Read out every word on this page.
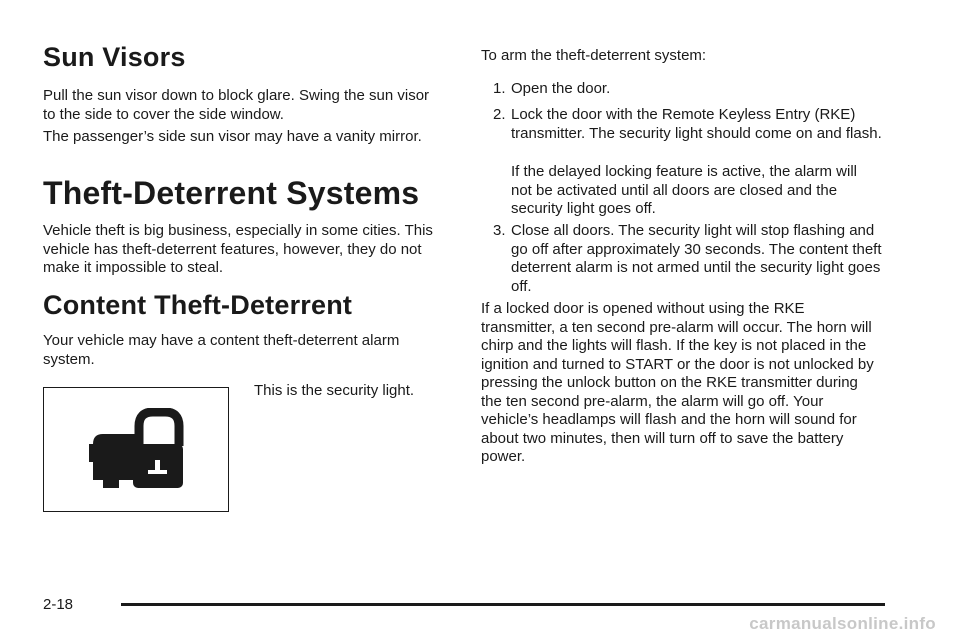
Sun Visors

Pull the sun visor down to block glare. Swing the sun visor to the side to cover the side window.

The passenger’s side sun visor may have a vanity mirror.

Theft-Deterrent Systems

Vehicle theft is big business, especially in some cities. This vehicle has theft-deterrent features, however, they do not make it impossible to steal.

Content Theft-Deterrent

Your vehicle may have a content theft-deterrent alarm system.

This is the security light.

To arm the theft-deterrent system:

1. Open the door.
2. Lock the door with the Remote Keyless Entry (RKE) transmitter. The security light should come on and flash.

If the delayed locking feature is active, the alarm will not be activated until all doors are closed and the security light goes off.

3. Close all doors. The security light will stop flashing and go off after approximately 30 seconds. The content theft deterrent alarm is not armed until the security light goes off.

If a locked door is opened without using the RKE transmitter, a ten second pre-alarm will occur. The horn will chirp and the lights will flash. If the key is not placed in the ignition and turned to START or the door is not unlocked by pressing the unlock button on the RKE transmitter during the ten second pre-alarm, the alarm will go off. Your vehicle’s headlamps will flash and the horn will sound for about two minutes, then will turn off to save the battery power.

2-18
carmanualsonline.info
